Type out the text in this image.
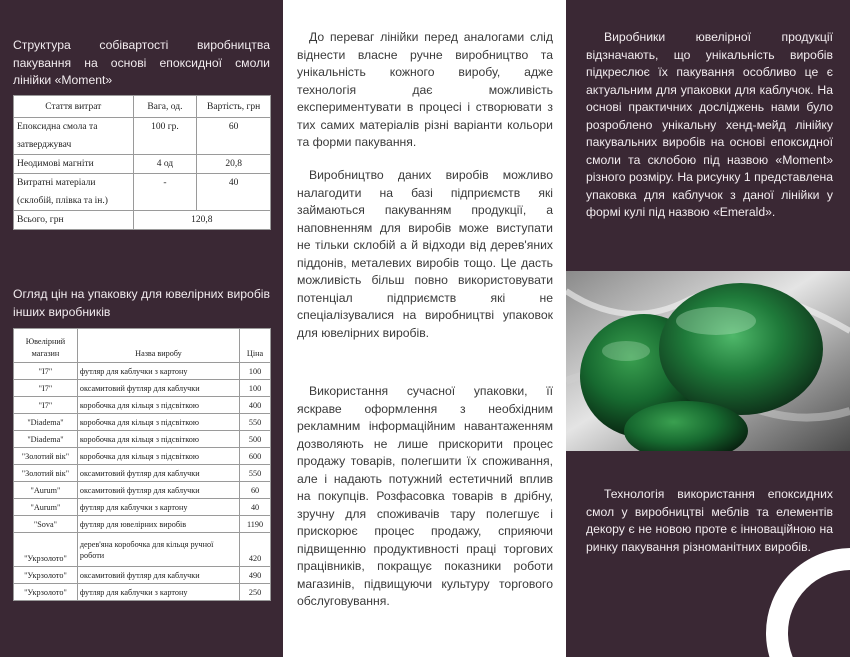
Структура собівартості виробництва пакування на основі епоксидної смоли лінійки «Moment»
Стаття витрат	Вага, од.	Вартість, грн
Епоксидна смола та затверджувач	100 гр.	60
Неодимові магніти	4 од	20,8
Витратні матеріали (склобій, плівка та ін.)	-	40
Всього, грн	120,8	
Огляд цін на упаковку для ювелірних виробів інших виробників
Ювелірний магазин	Назва виробу	Ціна
"I7"	футляр для каблучки з картону	100
"I7"	оксамитовий футляр для каблучки	100
"I7"	коробочка для кільця з підсвіткою	400
"Diadema"	коробочка для кільця з підсвіткою	550
"Diadema"	коробочка для кільця з підсвіткою	500
"Золотий вік"	коробочка для кільця з підсвіткою	600
"Золотий вік"	оксамитовий футляр для каблучки	550
"Aurum"	оксамитовий футляр для каблучки	60
"Aurum"	футляр для каблучки з картону	40
"Sova"	футляр для ювелірних виробів	1190
"Укрзолото"	дерев'яна коробочка для кільця ручної роботи	420
"Укрзолото"	оксамитовий футляр для каблучки	490
"Укрзолото"	футляр для каблучки з картону	250

До переваг лінійки перед аналогами слід віднести власне ручне виробництво та унікальність кожного виробу, адже технологія дає можливість експериментувати в процесі і створювати з тих самих матеріалів різні варіанти кольори та форми пакування.

Виробництво даних виробів можливо налагодити на базі підприємств які займаються пакуванням продукції, а наповненням для виробів може виступати не тільки склобій а й відходи від дерев'яних піддонів, металевих виробів тощо. Це дасть можливість більш повно використовувати потенціал підприємств які не спеціалізувалися на виробництві упаковок для ювелірних виробів.

Використання сучасної упаковки, її яскраве оформлення з необхідним рекламним інформаційним навантаженням дозволяють не лише прискорити процес продажу товарів, полегшити їх споживання, але і надають потужний естетичний вплив на покупців. Розфасовка товарів в дрібну, зручну для споживачів тару полегшує і прискорює процес продажу, сприяючи підвищенню продуктивності праці торгових працівників, покращує показники роботи магазинів, підвищуючи культуру торгового обслуговування.

Виробники ювелірної продукції відзначають, що унікальність виробів підкреслює їх пакування особливо це є актуальним для упаковки для каблучок. На основі практичних досліджень нами було розроблено унікальну хенд-мейд лінійку пакувальних виробів на основі епоксидної смоли та склобою під назвою «Moment» різного розміру. На рисунку 1 представлена упаковка для каблучок з даної лінійки у формі кулі під назвою «Emerald».

Технологія використання епоксидних смол у виробництві меблів та елементів декору є не новою проте є інноваційною на ринку пакування різноманітних виробів.
